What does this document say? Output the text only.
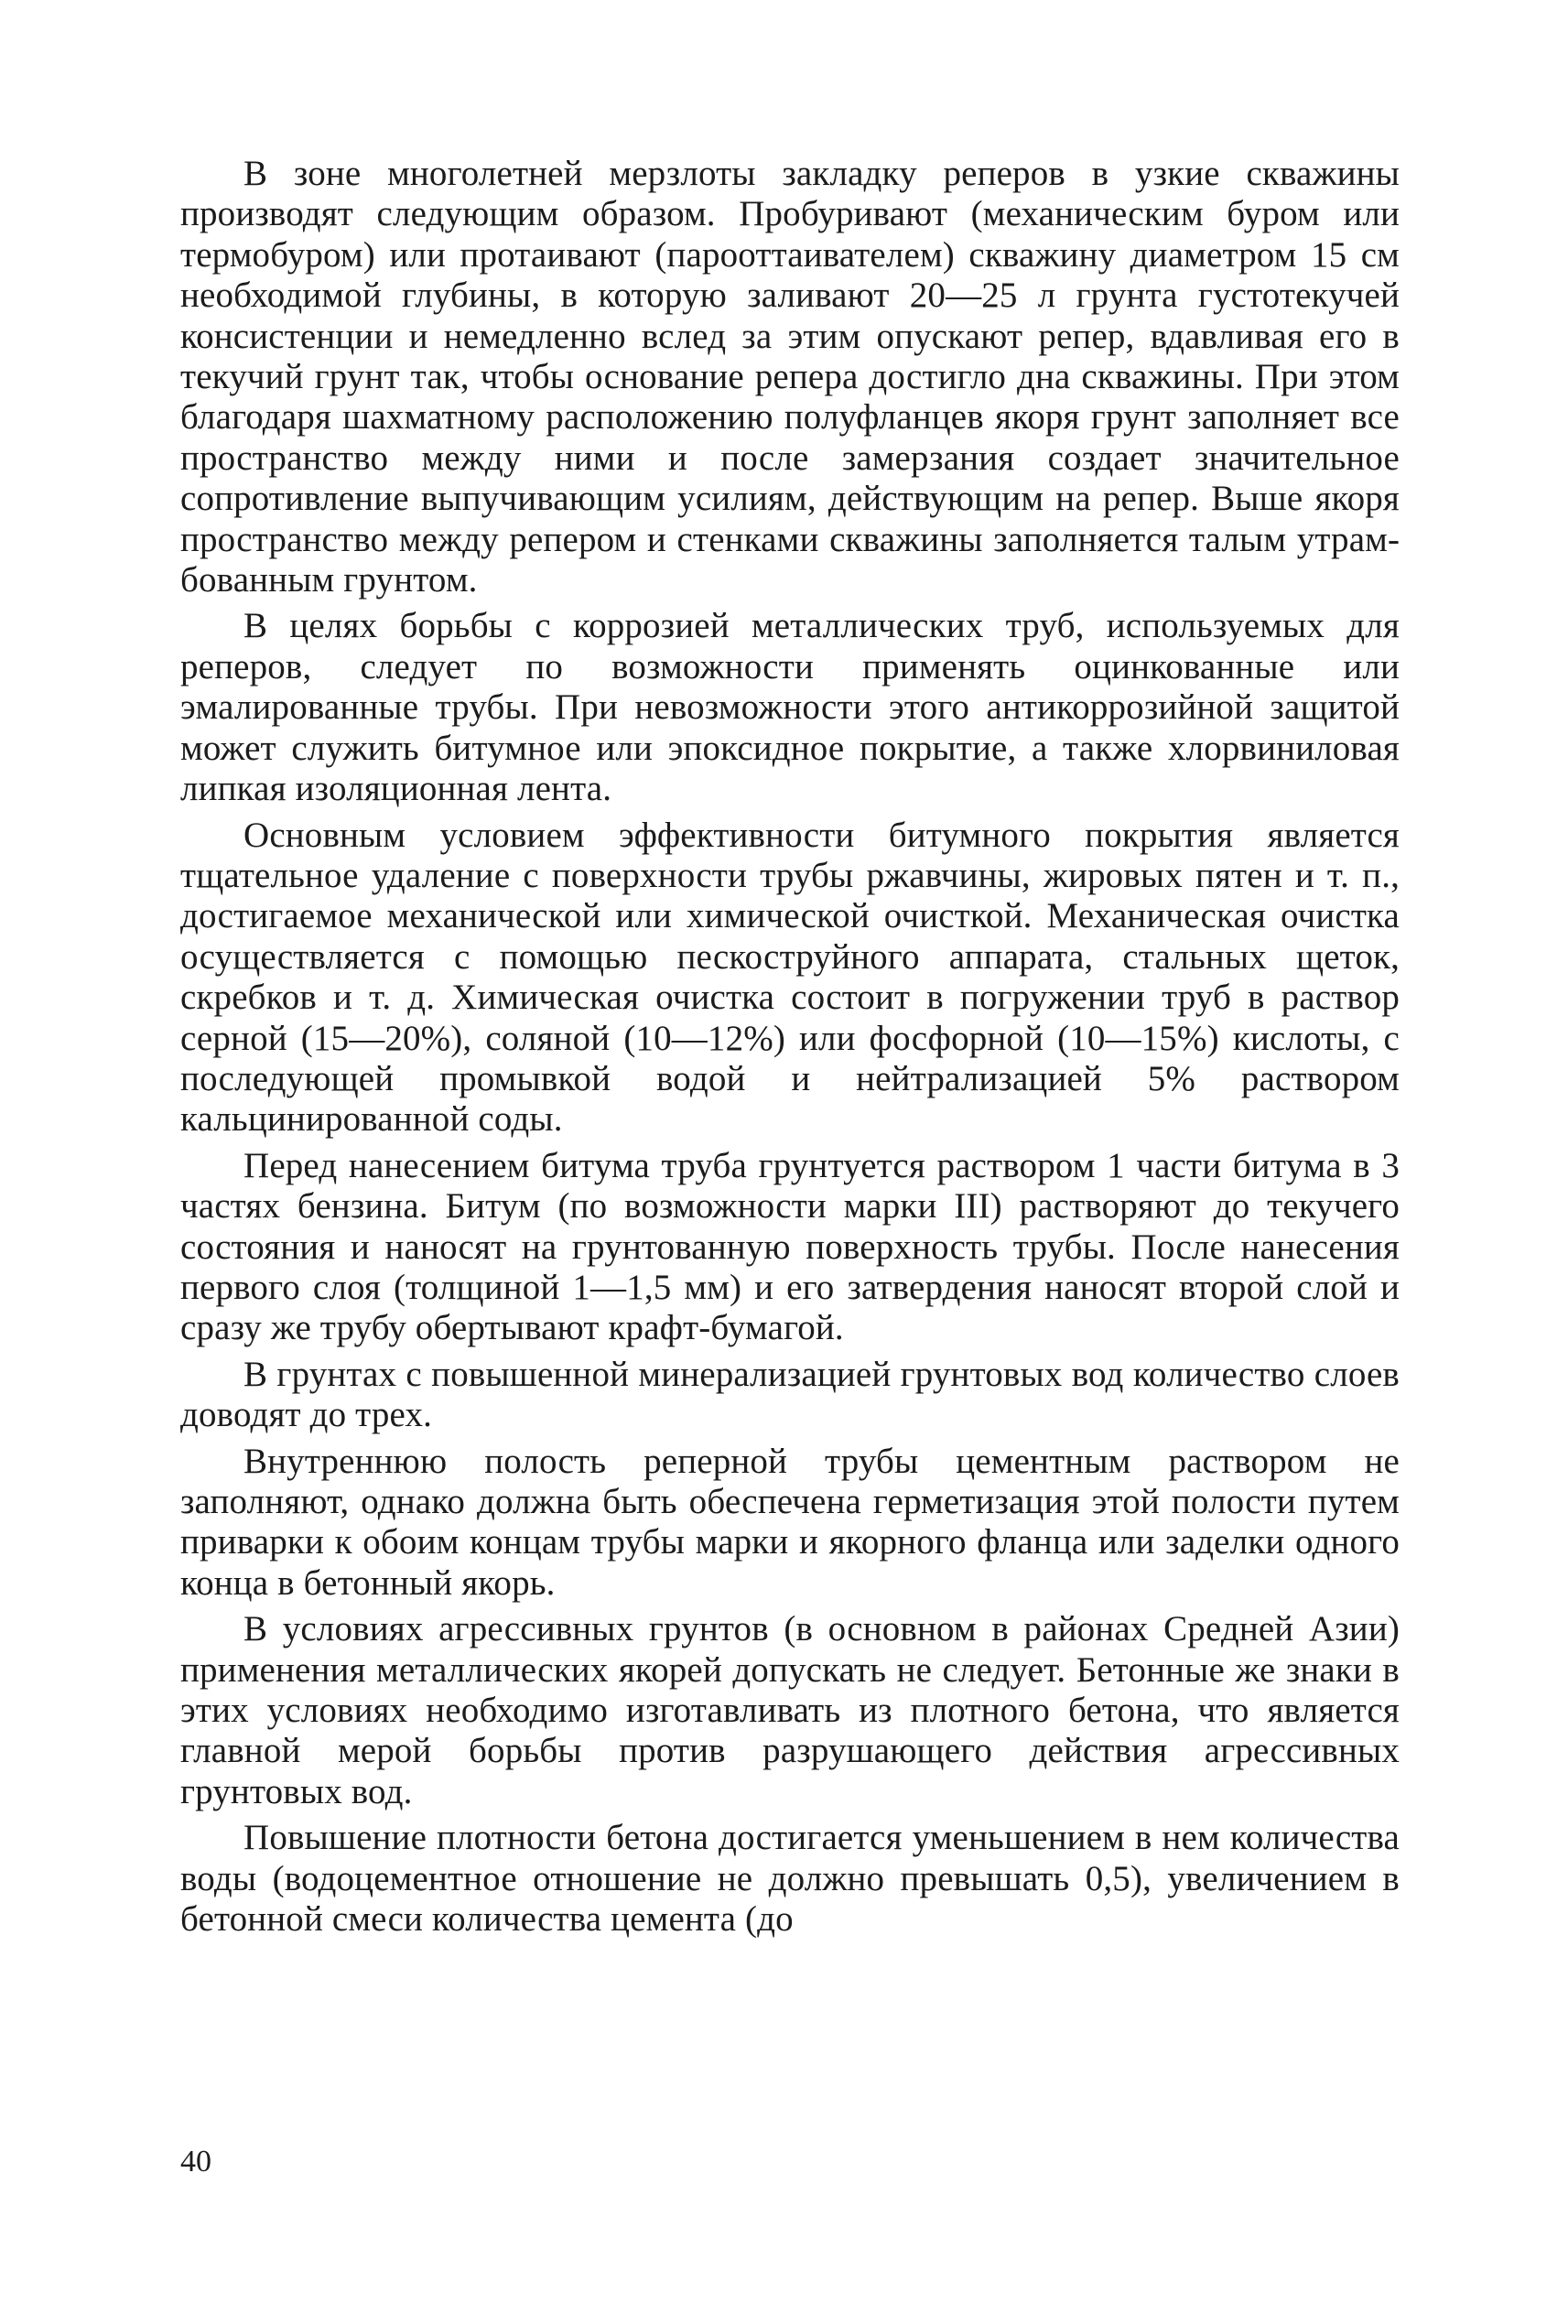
В зоне многолетней мерзлоты закладку реперов в узкие скважины производят следующим образом. Пробуривают (механическим буром или термобуром) или протаивают (парооттаивателем) скважину диаметром 15 см необходимой глубины, в которую заливают 20—25 л грунта густотекучей консистенции и немедленно вслед за этим опускают репер, вдавливая его в текучий грунт так, чтобы основание репера достигло дна скважины. При этом благодаря шахматному расположению полуфланцев якоря грунт заполняет все пространство между ними и после замерзания создает значительное сопротивление выпучивающим усилиям, действующим на репер. Выше якоря пространство между репером и стенками скважины заполняется талым утрамбованным грунтом.

В целях борьбы с коррозией металлических труб, используемых для реперов, следует по возможности применять оцинкованные или эмалированные трубы. При невозможности этого антикоррозийной защитой может служить битумное или эпоксидное покрытие, а также хлорвиниловая липкая изоляционная лента.

Основным условием эффективности битумного покрытия является тщательное удаление с поверхности трубы ржавчины, жировых пятен и т. п., достигаемое механической или химической очисткой. Механическая очистка осуществляется с помощью пескоструйного аппарата, стальных щеток, скребков и т. д. Химическая очистка состоит в погружении труб в раствор серной (15—20%), соляной (10—12%) или фосфорной (10—15%) кислоты, с последующей промывкой водой и нейтрализацией 5% раствором кальцинированной соды.

Перед нанесением битума труба грунтуется раствором 1 части битума в 3 частях бензина. Битум (по возможности марки III) растворяют до текучего состояния и наносят на грунтованную поверхность трубы. После нанесения первого слоя (толщиной 1—1,5 мм) и его затвердения наносят второй слой и сразу же трубу обертывают крафт-бумагой.

В грунтах с повышенной минерализацией грунтовых вод количество слоев доводят до трех.

Внутреннюю полость реперной трубы цементным раствором не заполняют, однако должна быть обеспечена герметизация этой полости путем приварки к обоим концам трубы марки и якорного фланца или заделки одного конца в бетонный якорь.

В условиях агрессивных грунтов (в основном в районах Средней Азии) применения металлических якорей допускать не следует. Бетонные же знаки в этих условиях необходимо изготавливать из плотного бетона, что является главной мерой борьбы против разрушающего действия агрессивных грунтовых вод.

Повышение плотности бетона достигается уменьшением в нем количества воды (водоцементное отношение не должно превышать 0,5), увеличением в бетонной смеси количества цемента (до

40
